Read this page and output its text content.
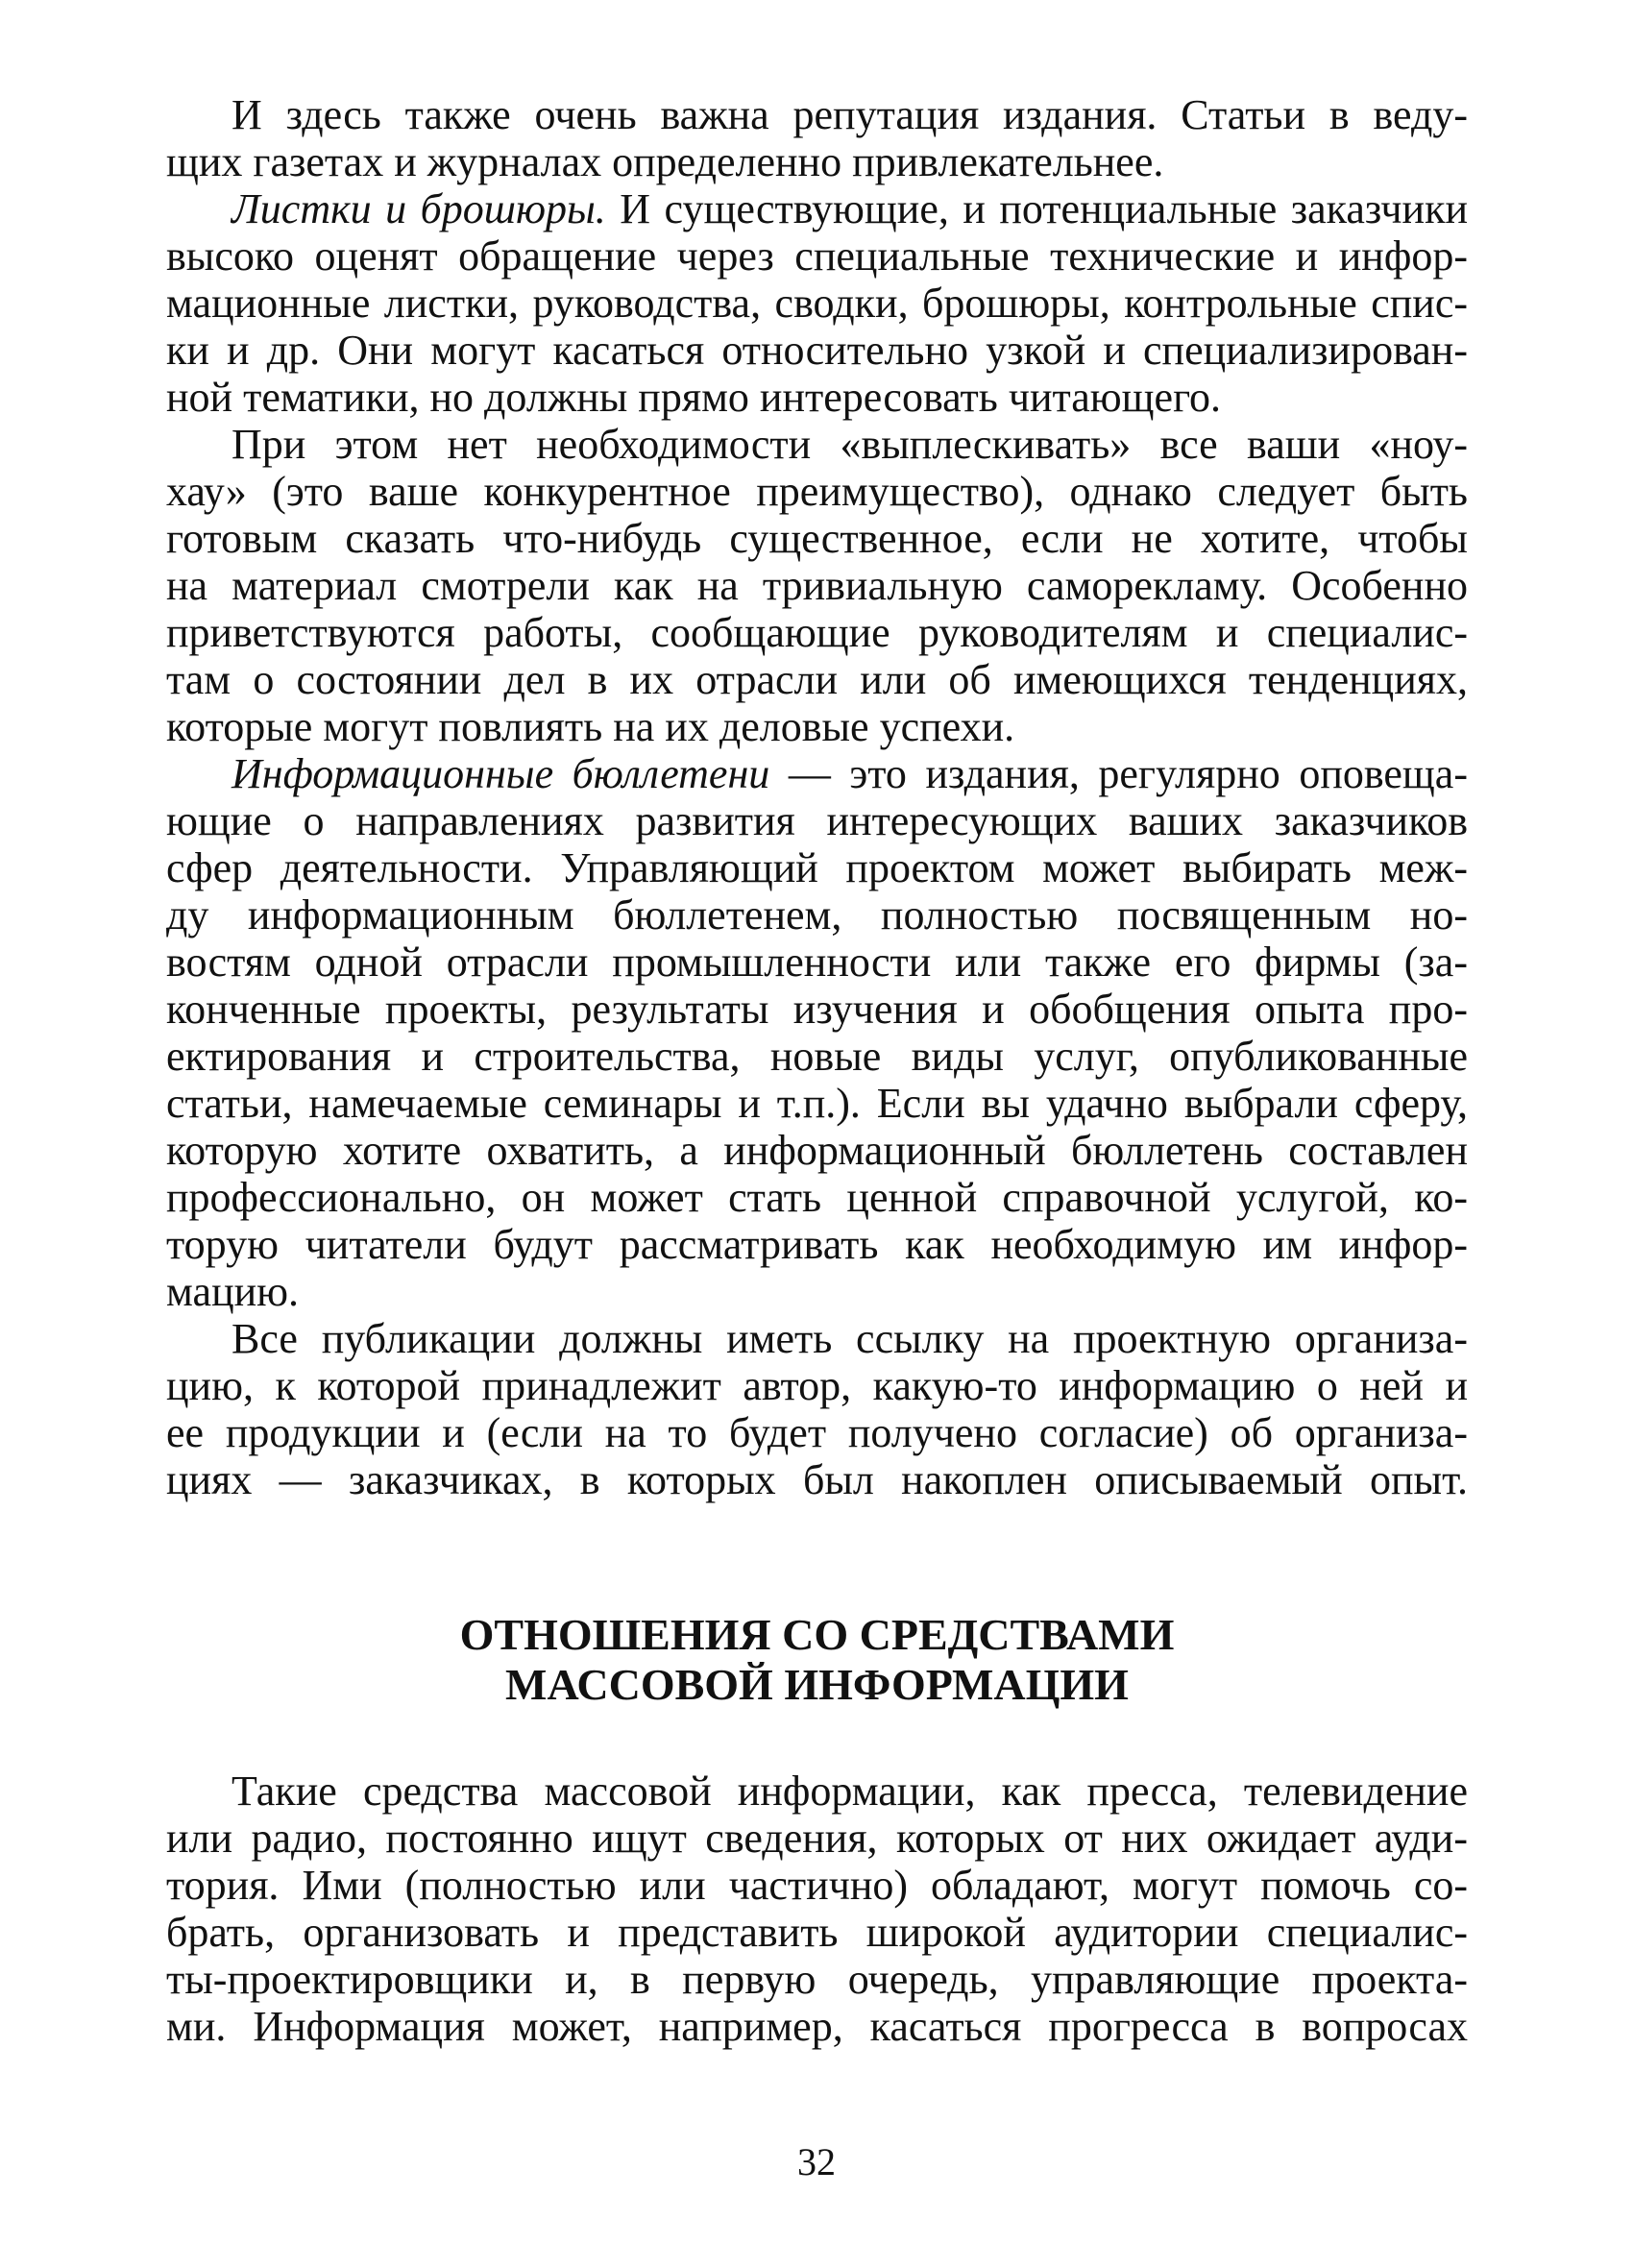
И здесь также очень важна репутация издания. Статьи в веду-
щих газетах и журналах определенно привлекательнее.
Листки и брошюры. И существующие, и потенциальные заказчики
высоко оценят обращение через специальные технические и инфор-
мационные листки, руководства, сводки, брошюры, контрольные спис-
ки и др. Они могут касаться относительно узкой и специализирован-
ной тематики, но должны прямо интересовать читающего.
При этом нет необходимости «выплескивать» все ваши «ноу-
хау» (это ваше конкурентное преимущество), однако следует быть
готовым сказать что-нибудь существенное, если не хотите, чтобы
на материал смотрели как на тривиальную саморекламу. Особенно
приветствуются работы, сообщающие руководителям и специалис-
там о состоянии дел в их отрасли или об имеющихся тенденциях,
которые могут повлиять на их деловые успехи.
Информационные бюллетени — это издания, регулярно оповеща-
ющие о направлениях развития интересующих ваших заказчиков
сфер деятельности. Управляющий проектом может выбирать меж-
ду информационным бюллетенем, полностью посвященным но-
востям одной отрасли промышленности или также его фирмы (за-
конченные проекты, результаты изучения и обобщения опыта про-
ектирования и строительства, новые виды услуг, опубликованные
статьи, намечаемые семинары и т.п.). Если вы удачно выбрали сферу,
которую хотите охватить, а информационный бюллетень составлен
профессионально, он может стать ценной справочной услугой, ко-
торую читатели будут рассматривать как необходимую им инфор-
мацию.
Все публикации должны иметь ссылку на проектную организа-
цию, к которой принадлежит автор, какую-то информацию о ней и
ее продукции и (если на то будет получено согласие) об организа-
циях — заказчиках, в которых был накоплен описываемый опыт.
ОТНОШЕНИЯ СО СРЕДСТВАМИ
МАССОВОЙ ИНФОРМАЦИИ
Такие средства массовой информации, как пресса, телевидение
или радио, постоянно ищут сведения, которых от них ожидает ауди-
тория. Ими (полностью или частично) обладают, могут помочь со-
брать, организовать и представить широкой аудитории специалис-
ты-проектировщики и, в первую очередь, управляющие проекта-
ми. Информация может, например, касаться прогресса в вопросах
32
